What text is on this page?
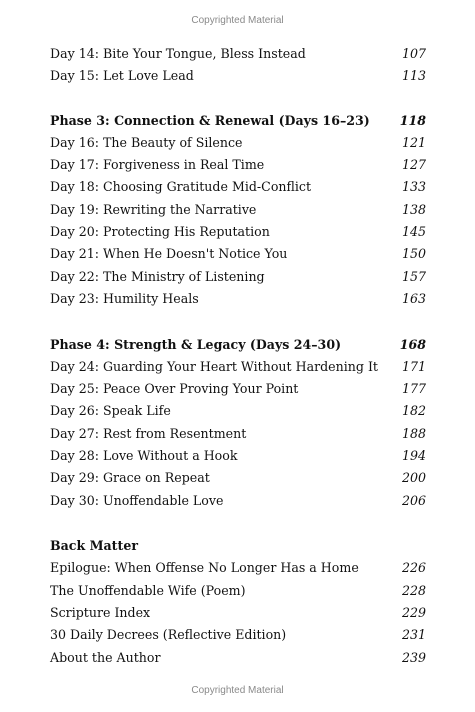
Copyrighted Material
Day 14: Bite Your Tongue, Bless Instead	107
Day 15: Let Love Lead	113
Phase 3: Connection & Renewal (Days 16–23) 118
Day 16: The Beauty of Silence	121
Day 17: Forgiveness in Real Time	127
Day 18: Choosing Gratitude Mid-Conflict	133
Day 19: Rewriting the Narrative	138
Day 20: Protecting His Reputation	145
Day 21: When He Doesn't Notice You	150
Day 22: The Ministry of Listening	157
Day 23: Humility Heals	163
Phase 4: Strength & Legacy (Days 24–30)	168
Day 24: Guarding Your Heart Without Hardening It 171
Day 25: Peace Over Proving Your Point	177
Day 26: Speak Life	182
Day 27: Rest from Resentment	188
Day 28: Love Without a Hook	194
Day 29: Grace on Repeat	200
Day 30: Unoffendable Love	206
Back Matter
Epilogue: When Offense No Longer Has a Home	226
The Unoffendable Wife (Poem)	228
Scripture Index	229
30 Daily Decrees (Reflective Edition)	231
About the Author	239
Copyrighted Material
